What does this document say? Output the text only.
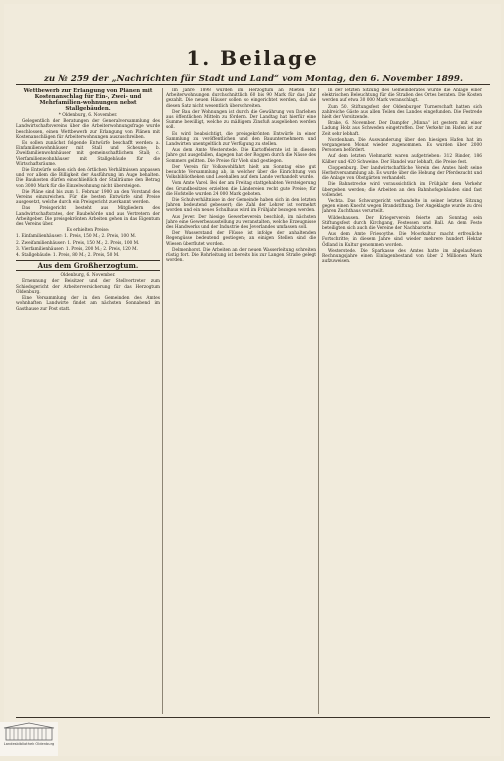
1. Beilage
zu № 259 der „Nachrichten für Stadt und Land“ vom Montag, den 6. November 1899.
Wettbewerb zur Erlangung von Plänen mit Kostenanschlag für Ein-, Zwei- und Mehrfamilien-wohnungen nebst Stallgebäuden.
* Oldenburg, 6. November.

Gelegentlich der Beratungen der Generalversammlung des Landwirtschaftsvereins über die Arbeiterwohnungsfrage wurde beschlossen, einen Wettbewerb zur Erlangung von Plänen mit Kostenanschlägen für Arbeiterwohnungen auszuschreiben.

Es sollen zunächst folgende Entwürfe beschafft werden: a. Einfamilienwohnhäuser mit Stall und Scheune; b. Zweifamilienwohnhäuser mit gemeinschaftlichem Stall; c. Vierfamilienwohnhäuser mit Stallgebäude für die Wirtschaftsräume.

Die Entwürfe sollen sich den örtlichen Verhältnissen anpassen und vor allem die Billigkeit der Ausführung im Auge behalten. Die Baukosten dürfen einschließlich der Stallräume den Betrag von 3000 Mark für die Einzelwohnung nicht übersteigen.

Die Pläne sind bis zum 1. Februar 1900 an den Vorstand des Vereins einzureichen. Für die besten Entwürfe sind Preise ausgesetzt, welche durch ein Preisgericht zuerkannt werden.

Das Preisgericht besteht aus Mitgliedern des Landwirtschaftsrates, der Baubehörde und aus Vertretern der Arbeitgeber. Die preisgekrönten Arbeiten gehen in das Eigentum des Vereins über.

Es erhielten Preise:

1. Einfamilienhäuser: 1. Preis, 150 M.; 2. Preis, 100 M.

2. Zweifamilienhäuser: 1. Preis, 150 M.; 2. Preis, 100 M.

3. Vierfamilienhäuser: 1. Preis, 200 M.; 2. Preis, 120 M.

4. Stallgebäude: 1. Preis, 80 M.; 2. Preis, 50 M.

Aus dem Großherzogtum.
Oldenburg, 6. November.

Ernennung der Beisitzer und der Stellvertreter zum Schiedsgericht der Arbeiterversicherung für das Herzogtum Oldenburg.

Eine Versammlung der in den Gemeinden des Amtes wohnhaften Landwirte findet am nächsten Sonnabend im Gasthause zur Post statt.

Im Jahre 1898 wurden im Herzogtum an Mieten für Arbeiterwohnungen durchschnittlich 60 bis 90 Mark für das Jahr gezahlt. Die neuen Häuser sollen so eingerichtet werden, daß sie diesen Satz nicht wesentlich überschreiten.

Der Bau der Wohnungen ist durch die Gewährung von Darlehen aus öffentlichen Mitteln zu fördern. Der Landtag hat hierfür eine Summe bewilligt, welche zu mäßigem Zinsfuß ausgeliehen werden soll.

Es wird beabsichtigt, die preisgekrönten Entwürfe in einer Sammlung zu veröffentlichen und den Bauunternehmern und Landwirten unentgeltlich zur Verfügung zu stellen.

Aus dem Amte Westerstede. Die Kartoffelernte ist in diesem Jahre gut ausgefallen, dagegen hat der Roggen durch die Nässe des Sommers gelitten. Die Preise für Vieh sind gestiegen.

Der Verein für Volkswohlfahrt hielt am Sonntag eine gut besuchte Versammlung ab, in welcher über die Einrichtung von Volksbibliotheken und Lesehallen auf dem Lande verhandelt wurde.

Vom Amte Varel. Bei der am Freitag stattgehabten Versteigerung des Grundbesitzes erzielten die Ländereien recht gute Preise; für die Hofstelle wurden 24 000 Mark geboten.

Die Schulverhältnisse in der Gemeinde haben sich in den letzten Jahren bedeutend gebessert; die Zahl der Lehrer ist vermehrt worden und ein neues Schulhaus wird im Frühjahr bezogen werden.

Aus Jever. Der hiesige Gewerbeverein beschloß, im nächsten Jahre eine Gewerbeausstellung zu veranstalten, welche Erzeugnisse des Handwerks und der Industrie des Jeverlandes umfassen soll.

Der Wasserstand der Flüsse ist infolge der anhaltenden Regengüsse bedeutend gestiegen; an einigen Stellen sind die Wiesen überflutet worden.

Delmenhorst. Die Arbeiten an der neuen Wasserleitung schreiten rüstig fort. Die Rohrleitung ist bereits bis zur Langen Straße gelegt worden.

In der letzten Sitzung des Gemeinderates wurde die Anlage einer elektrischen Beleuchtung für die Straßen des Ortes beraten. Die Kosten werden auf etwa 30 000 Mark veranschlagt.

Zum 50. Stiftungsfest der Oldenburger Turnerschaft hatten sich zahlreiche Gäste aus allen Teilen des Landes eingefunden. Die Festrede hielt der Vorsitzende.

Brake, 6. November. Der Dampfer „Minna“ ist gestern mit einer Ladung Holz aus Schweden eingetroffen. Der Verkehr im Hafen ist zur Zeit sehr lebhaft.

Nordenham. Die Auswanderung über den hiesigen Hafen hat im vergangenen Monat wieder zugenommen. Es wurden über 2000 Personen befördert.

Auf dem letzten Viehmarkt waren aufgetrieben: 312 Rinder, 186 Kälber und 420 Schweine. Der Handel war lebhaft, die Preise fest.

Cloppenburg. Der landwirtschaftliche Verein des Amtes hielt seine Herbstversammlung ab. Es wurde über die Hebung der Pferdezucht und die Anlage von Obstgärten verhandelt.

Die Bahnstrecke wird voraussichtlich im Frühjahr dem Verkehr übergeben werden; die Arbeiten an den Bahnhofsgebäuden sind fast vollendet.

Vechta. Das Schwurgericht verhandelte in seiner letzten Sitzung gegen einen Knecht wegen Brandstiftung. Der Angeklagte wurde zu drei Jahren Zuchthaus verurteilt.

Wildeshausen. Der Kriegerverein feierte am Sonntag sein Stiftungsfest durch Kirchgang, Festessen und Ball. An dem Feste beteiligten sich auch die Vereine der Nachbarorte.

Aus dem Amte Friesoythe. Die Moorkultur macht erfreuliche Fortschritte; in diesem Jahre sind wieder mehrere hundert Hektar Ödland in Kultur genommen worden.

Westerstede. Die Sparkasse des Amtes hatte im abgelaufenen Rechnungsjahre einen Einlagenbestand von über 2 Millionen Mark aufzuweisen.

Landesbibliothek Oldenburg
